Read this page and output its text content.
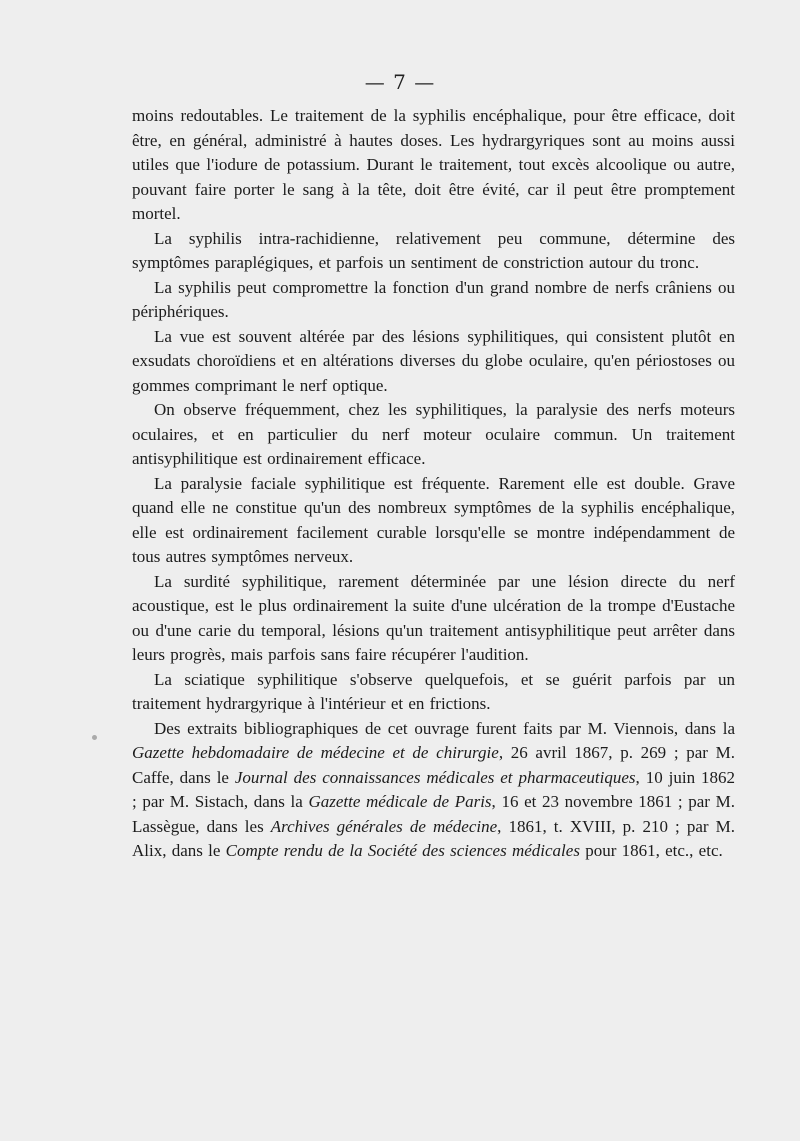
— 7 —

moins redoutables. Le traitement de la syphilis encéphalique, pour être efficace, doit être, en général, administré à hautes doses. Les hydrargyriques sont au moins aussi utiles que l'iodure de potassium. Durant le traitement, tout excès alcoolique ou autre, pouvant faire porter le sang à la tête, doit être évité, car il peut être promptement mortel.

La syphilis intra-rachidienne, relativement peu commune, détermine des symptômes paraplégiques, et parfois un sentiment de constriction autour du tronc.

La syphilis peut compromettre la fonction d'un grand nombre de nerfs crâniens ou périphériques.

La vue est souvent altérée par des lésions syphilitiques, qui consistent plutôt en exsudats choroïdiens et en altérations diverses du globe oculaire, qu'en périostoses ou gommes comprimant le nerf optique.

On observe fréquemment, chez les syphilitiques, la paralysie des nerfs moteurs oculaires, et en particulier du nerf moteur oculaire commun. Un traitement antisyphilitique est ordinairement efficace.

La paralysie faciale syphilitique est fréquente. Rarement elle est double. Grave quand elle ne constitue qu'un des nombreux symptômes de la syphilis encéphalique, elle est ordinairement facilement curable lorsqu'elle se montre indépendamment de tous autres symptômes nerveux.

La surdité syphilitique, rarement déterminée par une lésion directe du nerf acoustique, est le plus ordinairement la suite d'une ulcération de la trompe d'Eustache ou d'une carie du temporal, lésions qu'un traitement antisyphilitique peut arrêter dans leurs progrès, mais parfois sans faire récupérer l'audition.

La sciatique syphilitique s'observe quelquefois, et se guérit parfois par un traitement hydrargyrique à l'intérieur et en frictions.

Des extraits bibliographiques de cet ouvrage furent faits par M. Viennois, dans la Gazette hebdomadaire de médecine et de chirurgie, 26 avril 1867, p. 269 ; par M. Caffe, dans le Journal des connaissances médicales et pharmaceutiques, 10 juin 1862 ; par M. Sistach, dans la Gazette médicale de Paris, 16 et 23 novembre 1861 ; par M. Lassègue, dans les Archives générales de médecine, 1861, t. XVIII, p. 210 ; par M. Alix, dans le Compte rendu de la Société des sciences médicales pour 1861, etc., etc.
